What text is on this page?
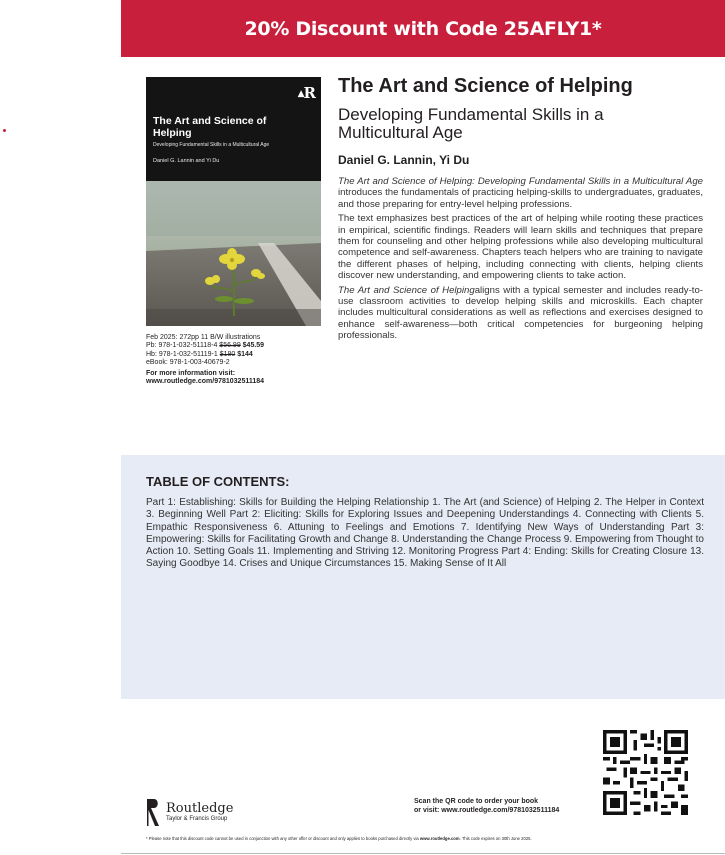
20% Discount with Code 25AFLY1*
▲R
The Art and Science of Helping
Developing Fundamental Skills in a Multicultural Age
Daniel G. Lannin and Yi Du
Feb 2025: 272pp 11 B/W illustrations
Pb: 978-1-032-51118-4 $56.99 $45.59
Hb: 978-1-032-51119-1 $180 $144
eBook: 978-1-003-40679-2
For more information visit:
www.routledge.com/9781032511184
The Art and Science of Helping
Developing Fundamental Skills in a Multicultural Age
Daniel G. Lannin, Yi Du

The Art and Science of Helping: Developing Fundamental Skills in a Multicultural Age introduces the fundamentals of practicing helping-skills to undergraduates, graduates, and those preparing for entry-level helping professions.

The text emphasizes best practices of the art of helping while rooting these practices in empirical, scientific findings. Readers will learn skills and techniques that prepare them for counseling and other helping professions while also developing multicultural competence and self-awareness. Chapters teach helpers who are training to navigate the different phases of helping, including connecting with clients, helping clients discover new understanding, and empowering clients to take action.

The Art and Science of Helpingaligns with a typical semester and includes ready-to-use classroom activities to develop helping skills and microskills. Each chapter includes multicultural considerations as well as reflections and exercises designed to enhance self-awareness—both critical competencies for burgeoning helping professionals.

TABLE OF CONTENTS:
Part 1: Establishing: Skills for Building the Helping Relationship 1. The Art (and Science) of Helping 2. The Helper in Context 3. Beginning Well Part 2: Eliciting: Skills for Exploring Issues and Deepening Understandings 4. Connecting with Clients 5. Empathic Responsiveness 6. Attuning to Feelings and Emotions 7. Identifying New Ways of Understanding Part 3: Empowering: Skills for Facilitating Growth and Change 8. Understanding the Change Process 9. Empowering from Thought to Action 10. Setting Goals 11. Implementing and Striving 12. Monitoring Progress Part 4: Ending: Skills for Creating Closure 13. Saying Goodbye 14. Crises and Unique Circumstances 15. Making Sense of It All
Routledge
Taylor & Francis Group
Scan the QR code to order your book
or visit: www.routledge.com/9781032511184
* Please note that this discount code cannot be used in conjunction with any other offer or discount and only applies to books purchased directly via www.routledge.com. This code expires on 30th June 2025.
